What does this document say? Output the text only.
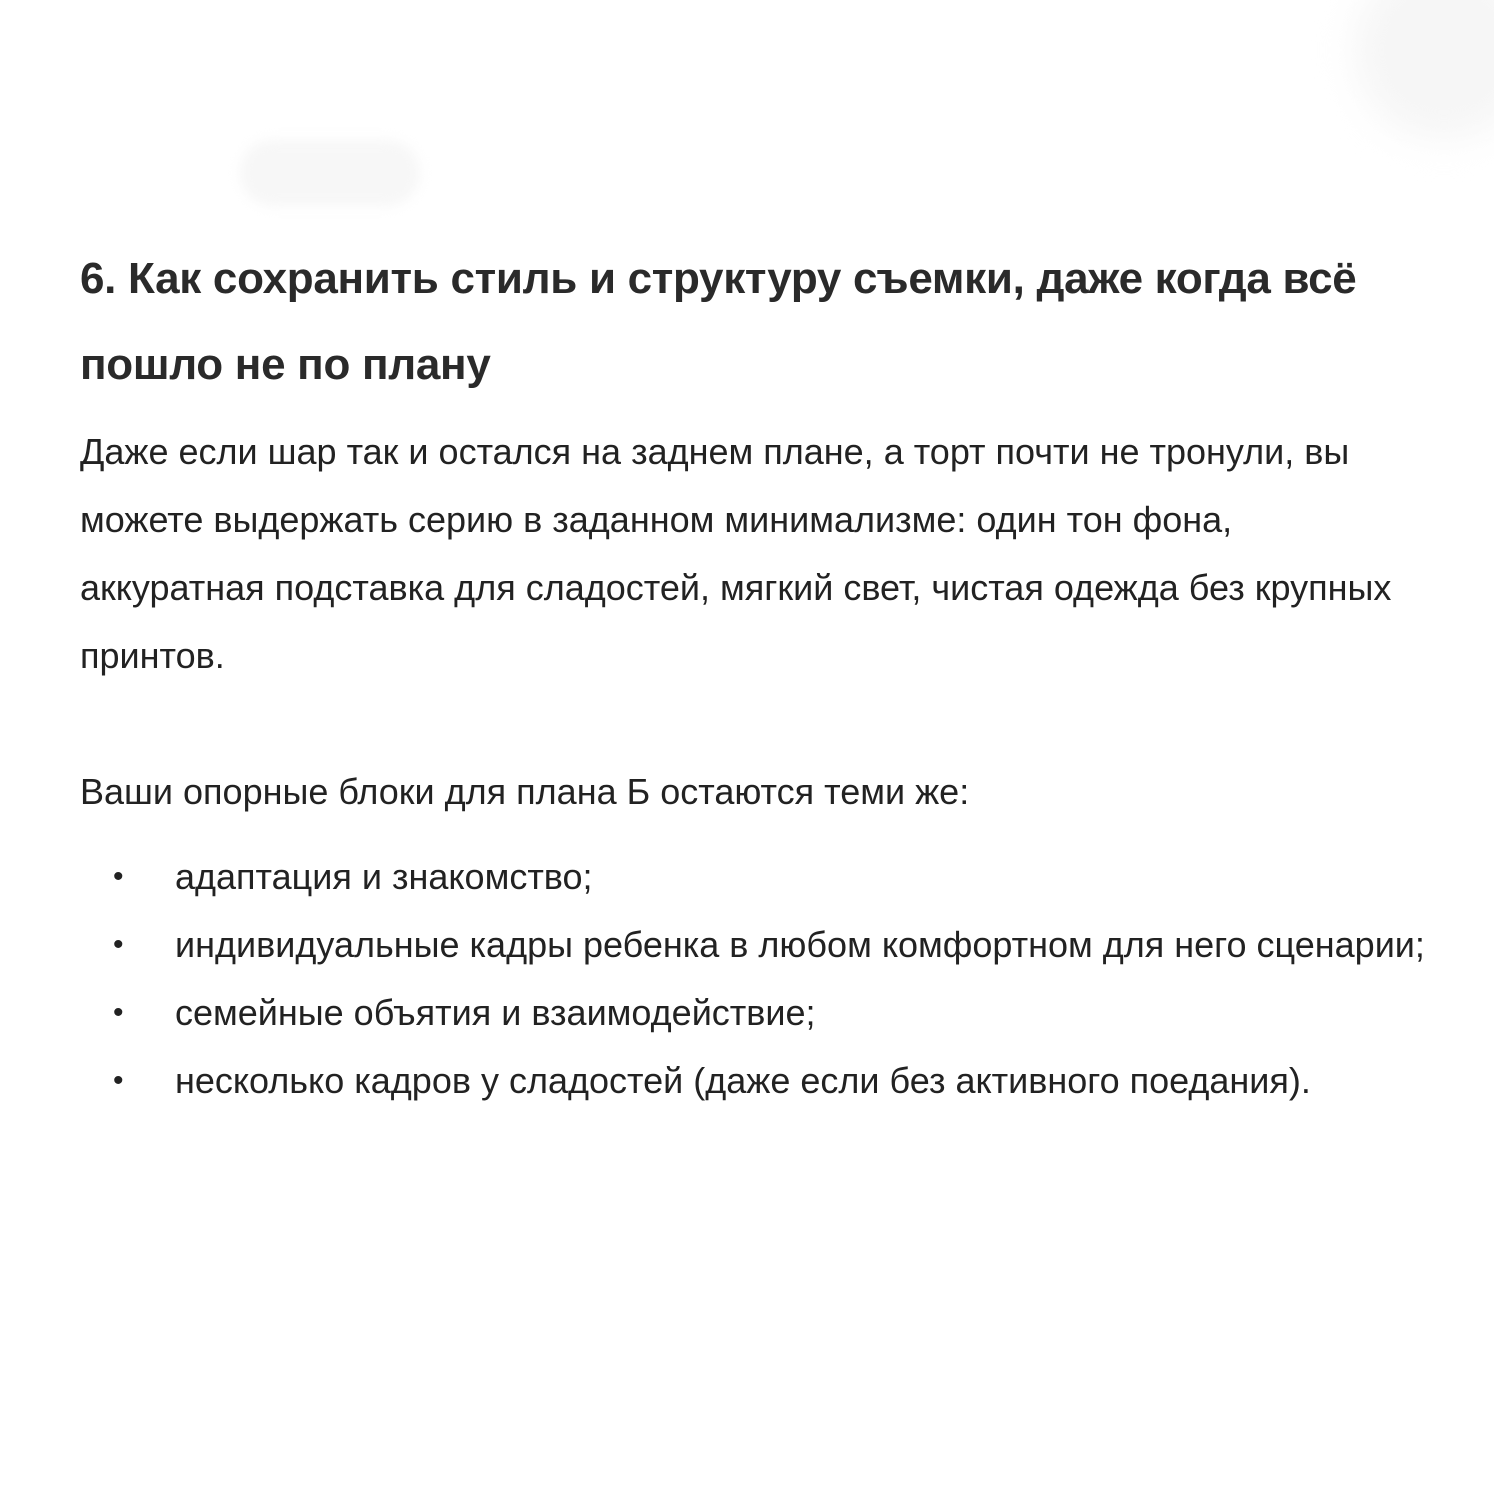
6. Как сохранить стиль и структуру съемки, даже когда всё пошло не по плану

Даже если шар так и остался на заднем плане, а торт почти не тронули, вы можете выдержать серию в заданном минимализме: один тон фона, аккуратная подставка для сладостей, мягкий свет, чистая одежда без крупных принтов.

Ваши опорные блоки для плана Б остаются теми же:

• адаптация и знакомство;
• индивидуальные кадры ребенка в любом комфортном для него сценарии;
• семейные объятия и взаимодействие;
• несколько кадров у сладостей (даже если без активного поедания).
